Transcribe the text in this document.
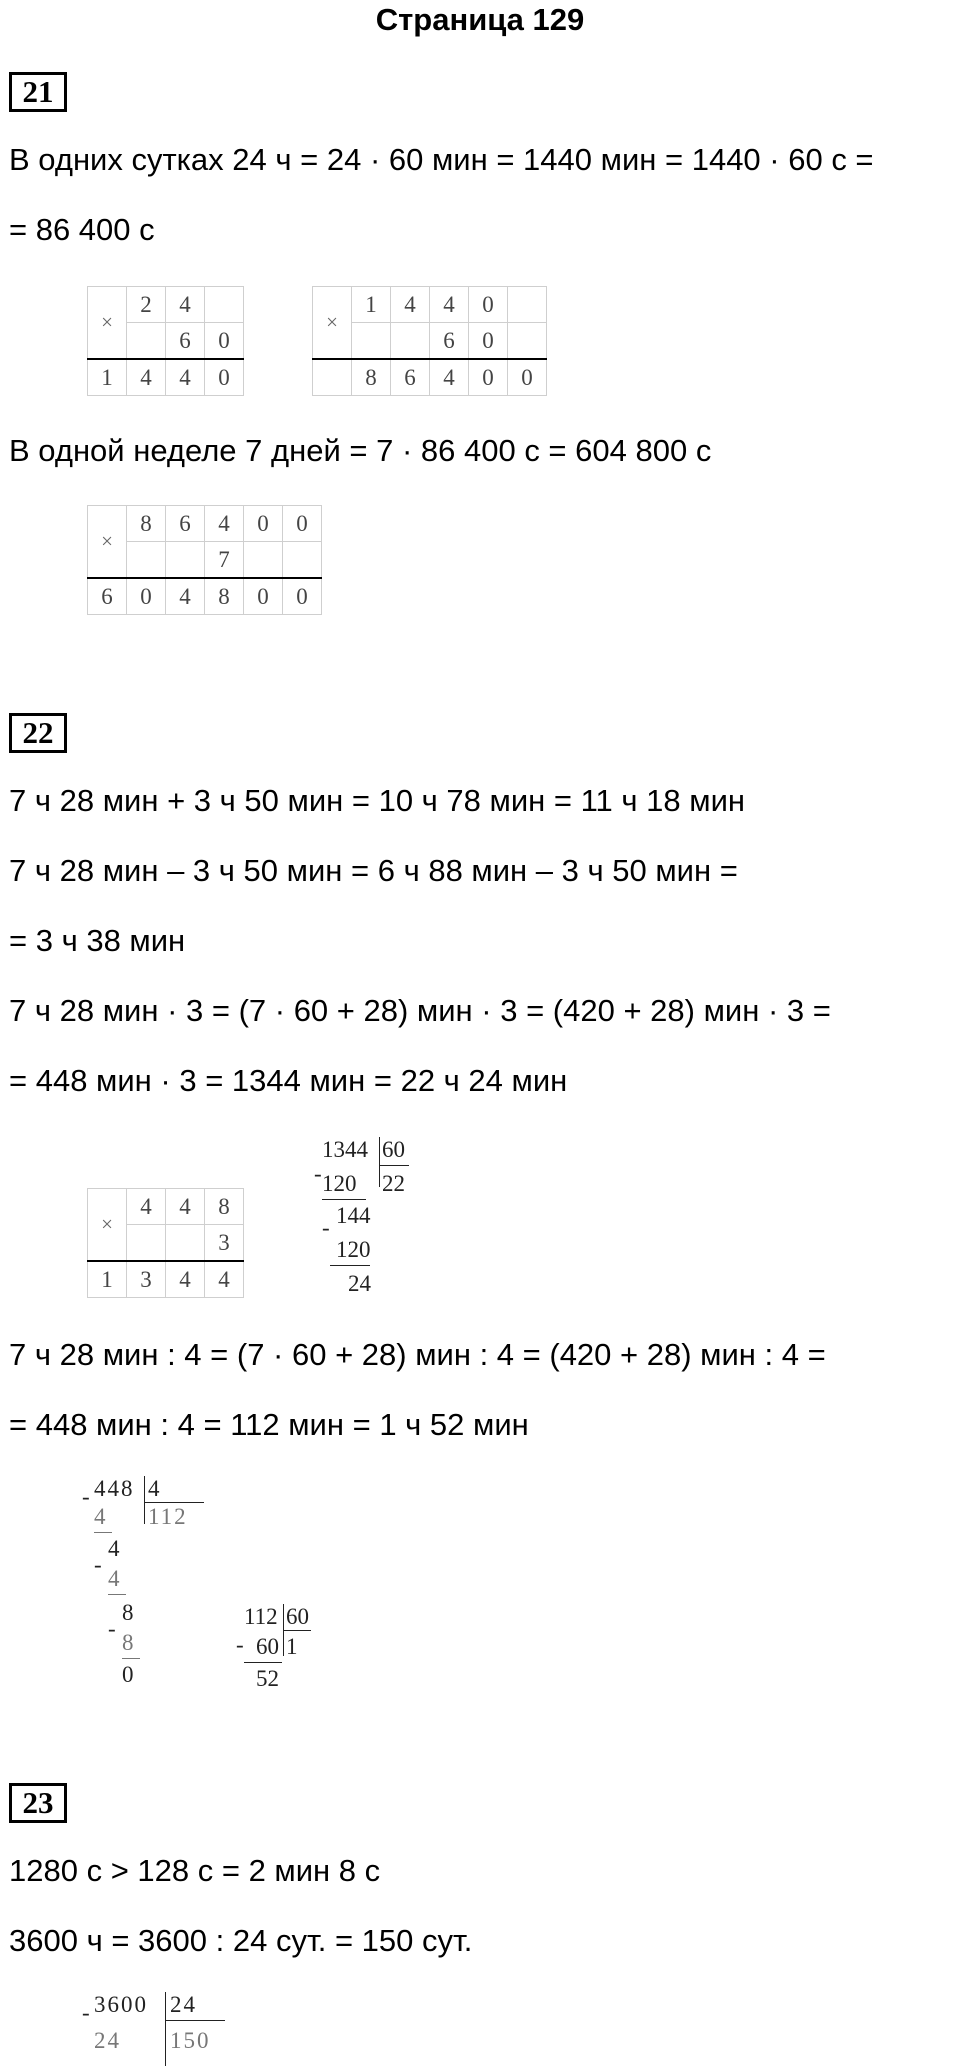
Страница 129
21
В одних сутках 24 ч = 24 · 60 мин = 1440 мин = 1440 · 60 с =
= 86 400 с
×	2	4	
		6	0
1	4	4	0
×	1	4	4	0	
			6	0	
	8	6	4	0	0
В одной неделе 7 дней = 7 · 86 400 с = 604 800 с
×	8	6	4	0	0
			7		
6	0	4	8	0	0
22
7 ч 28 мин + 3 ч 50 мин = 10 ч 78 мин = 11 ч 18 мин
7 ч 28 мин – 3 ч 50 мин = 6 ч 88 мин – 3 ч 50 мин =
= 3 ч 38 мин
7 ч 28 мин · 3 = (7 · 60 + 28) мин · 3 = (420 + 28) мин · 3 =
= 448 мин · 3 = 1344 мин = 22 ч 24 мин
×	4	4	8
			3
1	3	4	4
-
1344 60
120 22
- 144
120
24
7 ч 28 мин : 4 = (7 · 60 + 28) мин : 4 = (420 + 28) мин : 4 =
= 448 мин : 4 = 112 мин = 1 ч 52 мин
- 448 4
4 112
-
4
4
-
8
8
0
-
112 60
60 1
52
23
1280 с > 128 с = 2 мин 8 с
3600 ч = 3600 : 24 сут. = 150 сут.
- 3600 24
24 150
